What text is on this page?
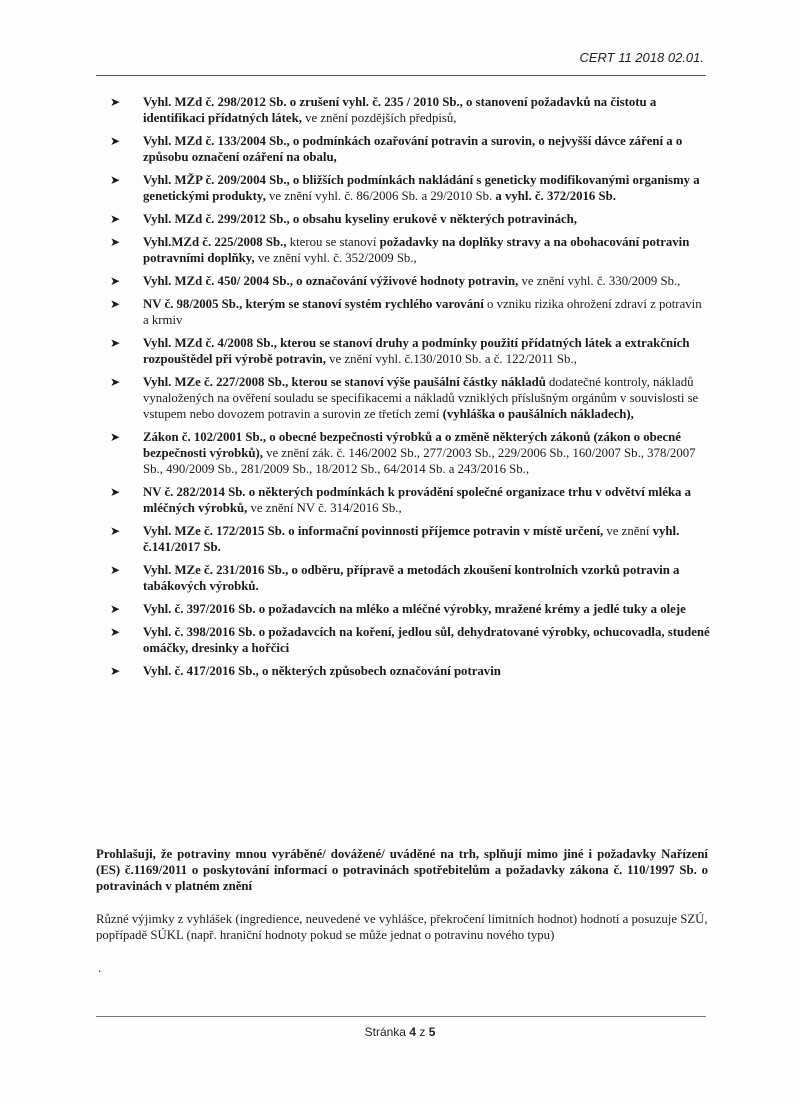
CERT 11 2018 02.01.
➤ Vyhl. MZd č. 298/2012 Sb. o zrušení vyhl. č. 235 / 2010 Sb., o stanovení požadavků na čistotu a identifikaci přídatných látek, ve znění pozdějších předpisů,
➤ Vyhl. MZd č. 133/2004 Sb., o podmínkách ozařování potravin a surovin, o nejvyšší dávce záření a o způsobu označení ozáření na obalu,
➤ Vyhl. MŽP č. 209/2004 Sb., o bližších podmínkách nakládání s geneticky modifikovanými organismy a genetickými produkty, ve znění vyhl. č. 86/2006 Sb. a 29/2010 Sb. a vyhl. č. 372/2016 Sb.
➤ Vyhl. MZd č. 299/2012 Sb., o obsahu kyseliny erukové v některých potravinách,
➤ Vyhl.MZd č. 225/2008 Sb., kterou se stanoví požadavky na doplňky stravy a na obohacování potravin potravními doplňky, ve znění vyhl. č. 352/2009 Sb.,
➤ Vyhl. MZd č. 450/ 2004 Sb., o označování výživové hodnoty potravin, ve znění vyhl. č. 330/2009 Sb.,
➤ NV č. 98/2005 Sb., kterým se stanoví systém rychlého varování o vzniku rizika ohrožení zdraví z potravin a krmiv
➤ Vyhl. MZd č. 4/2008 Sb., kterou se stanoví druhy a podmínky použití přídatných látek a extrakčních rozpouštědel při výrobě potravin, ve znění vyhl. č.130/2010 Sb. a č. 122/2011 Sb.,
➤ Vyhl. MZe č. 227/2008 Sb., kterou se stanoví výše paušální částky nákladů dodatečné kontroly, nákladů vynaložených na ověření souladu se specifikacemi a nákladů vzniklých příslušným orgánům v souvislosti se vstupem nebo dovozem potravin a surovin ze třetích zemí (vyhláška o paušálních nákladech),
➤ Zákon č. 102/2001 Sb., o obecné bezpečnosti výrobků a o změně některých zákonů (zákon o obecné bezpečnosti výrobků), ve znění zák. č. 146/2002 Sb., 277/2003 Sb., 229/2006 Sb., 160/2007 Sb., 378/2007 Sb., 490/2009 Sb., 281/2009 Sb., 18/2012 Sb., 64/2014 Sb. a 243/2016 Sb.,
➤ NV č. 282/2014 Sb. o některých podmínkách k provádění společné organizace trhu v odvětví mléka a mléčných výrobků, ve znění NV č. 314/2016 Sb.,
➤ Vyhl. MZe č. 172/2015 Sb. o informační povinnosti příjemce potravin v místě určení, ve znění vyhl. č.141/2017 Sb.
➤ Vyhl. MZe č. 231/2016 Sb., o odběru, přípravě a metodách zkoušení kontrolních vzorků potravin a tabákových výrobků.
➤ Vyhl. č. 397/2016 Sb. o požadavcích na mléko a mléčné výrobky, mražené krémy a jedlé tuky a oleje
➤ Vyhl. č. 398/2016 Sb. o požadavcích na koření, jedlou sůl, dehydratované výrobky, ochucovadla, studené omáčky, dresinky a hořčici
➤ Vyhl. č. 417/2016 Sb., o některých způsobech označování potravin

Prohlašuji, že potraviny mnou vyráběné/ dovážené/ uváděné na trh, splňují mimo jiné i požadavky Nařízení (ES) č.1169/2011 o poskytování informací o potravinách spotřebitelům a požadavky zákona č. 110/1997 Sb. o potravinách v platném znění

Různé výjimky z vyhlášek (ingredience, neuvedené ve vyhlášce, překročení limitních hodnot) hodnotí a posuzuje SZÚ, popřípadě SÚKL (např. hraniční hodnoty pokud se může jednat o potravinu nového typu)

.
Stránka 4 z 5
